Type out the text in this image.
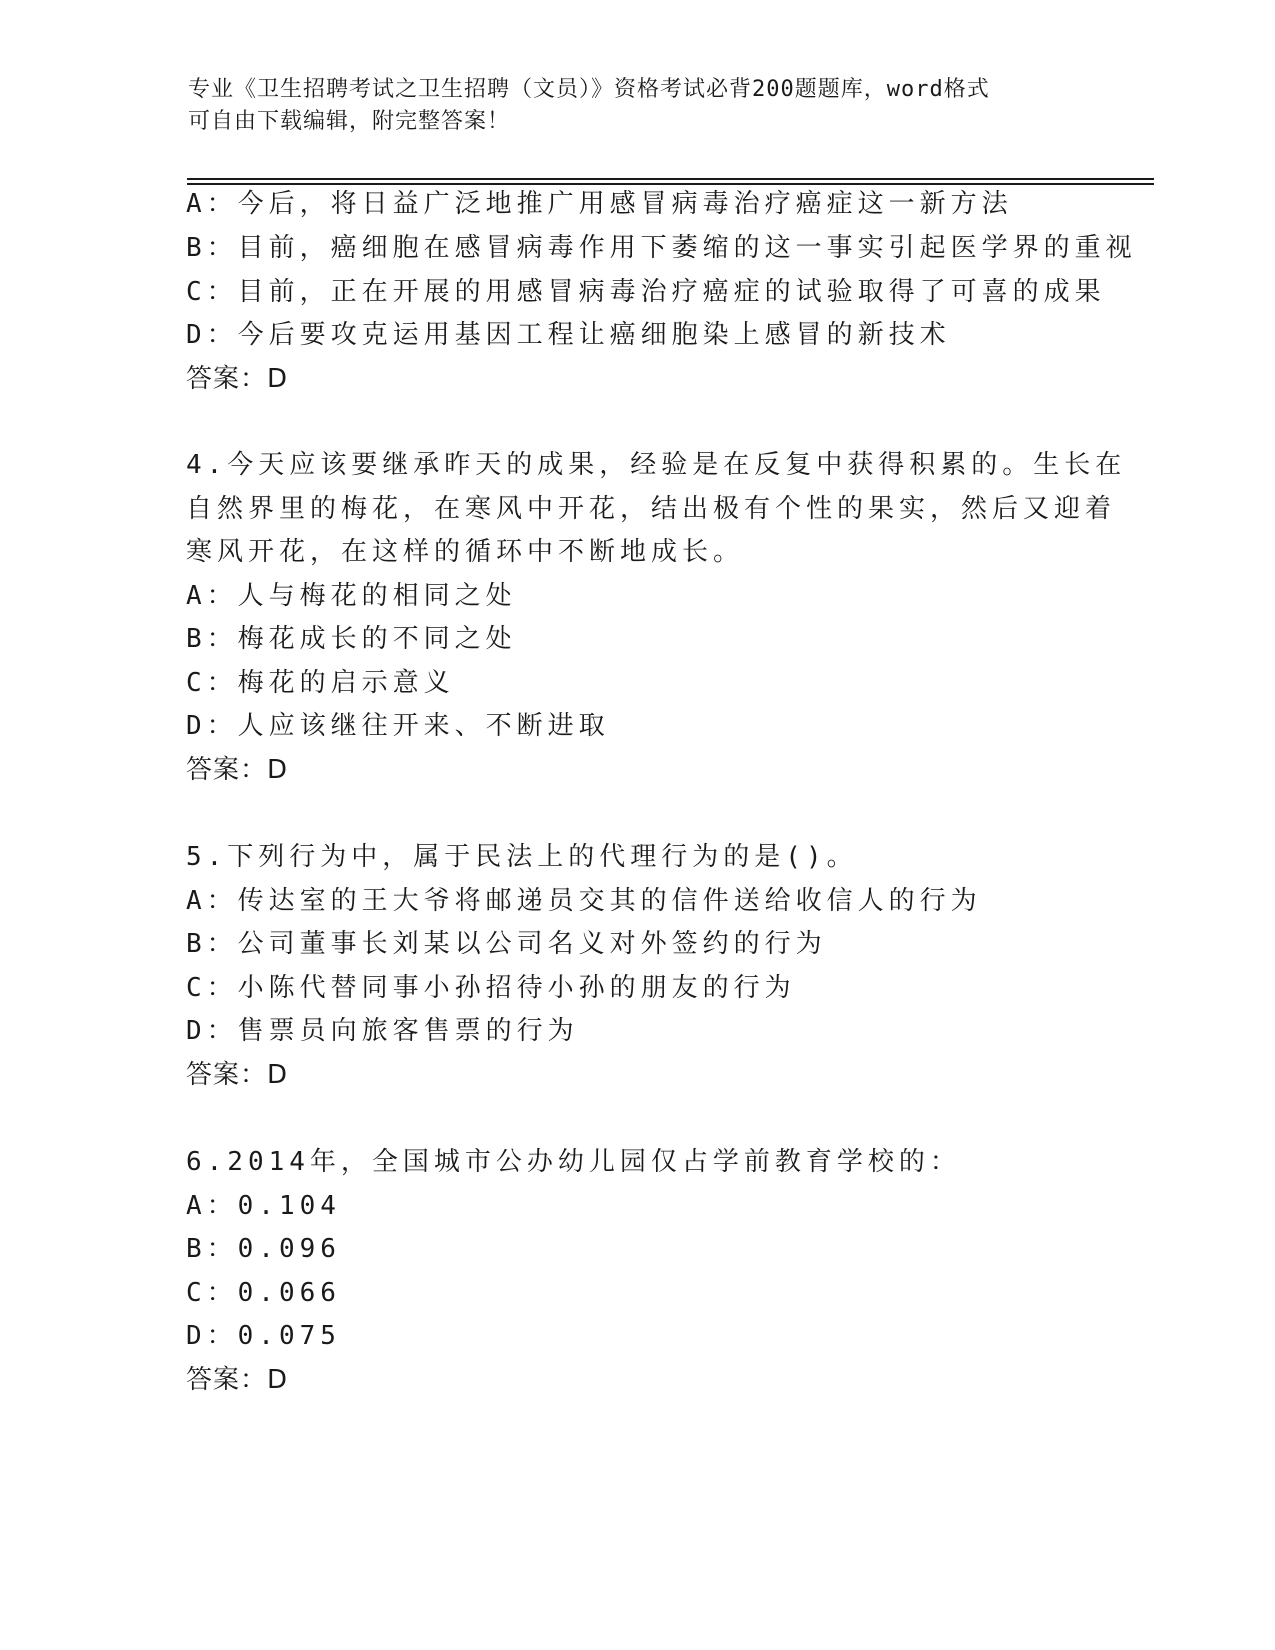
专业《卫生招聘考试之卫生招聘（文员）》资格考试必背200题题库，word格式
可自由下载编辑，附完整答案！
A：今后，将日益广泛地推广用感冒病毒治疗癌症这一新方法
B：目前，癌细胞在感冒病毒作用下萎缩的这一事实引起医学界的重视
C：目前，正在开展的用感冒病毒治疗癌症的试验取得了可喜的成果
D：今后要攻克运用基因工程让癌细胞染上感冒的新技术
答案：D
4.今天应该要继承昨天的成果，经验是在反复中获得积累的。生长在
自然界里的梅花，在寒风中开花，结出极有个性的果实，然后又迎着
寒风开花，在这样的循环中不断地成长。
A：人与梅花的相同之处
B：梅花成长的不同之处
C：梅花的启示意义
D：人应该继往开来、不断进取
答案：D
5.下列行为中，属于民法上的代理行为的是()。
A：传达室的王大爷将邮递员交其的信件送给收信人的行为
B：公司董事长刘某以公司名义对外签约的行为
C：小陈代替同事小孙招待小孙的朋友的行为
D：售票员向旅客售票的行为
答案：D
6.2014年，全国城市公办幼儿园仅占学前教育学校的：
A：0.104
B：0.096
C：0.066
D：0.075
答案：D
